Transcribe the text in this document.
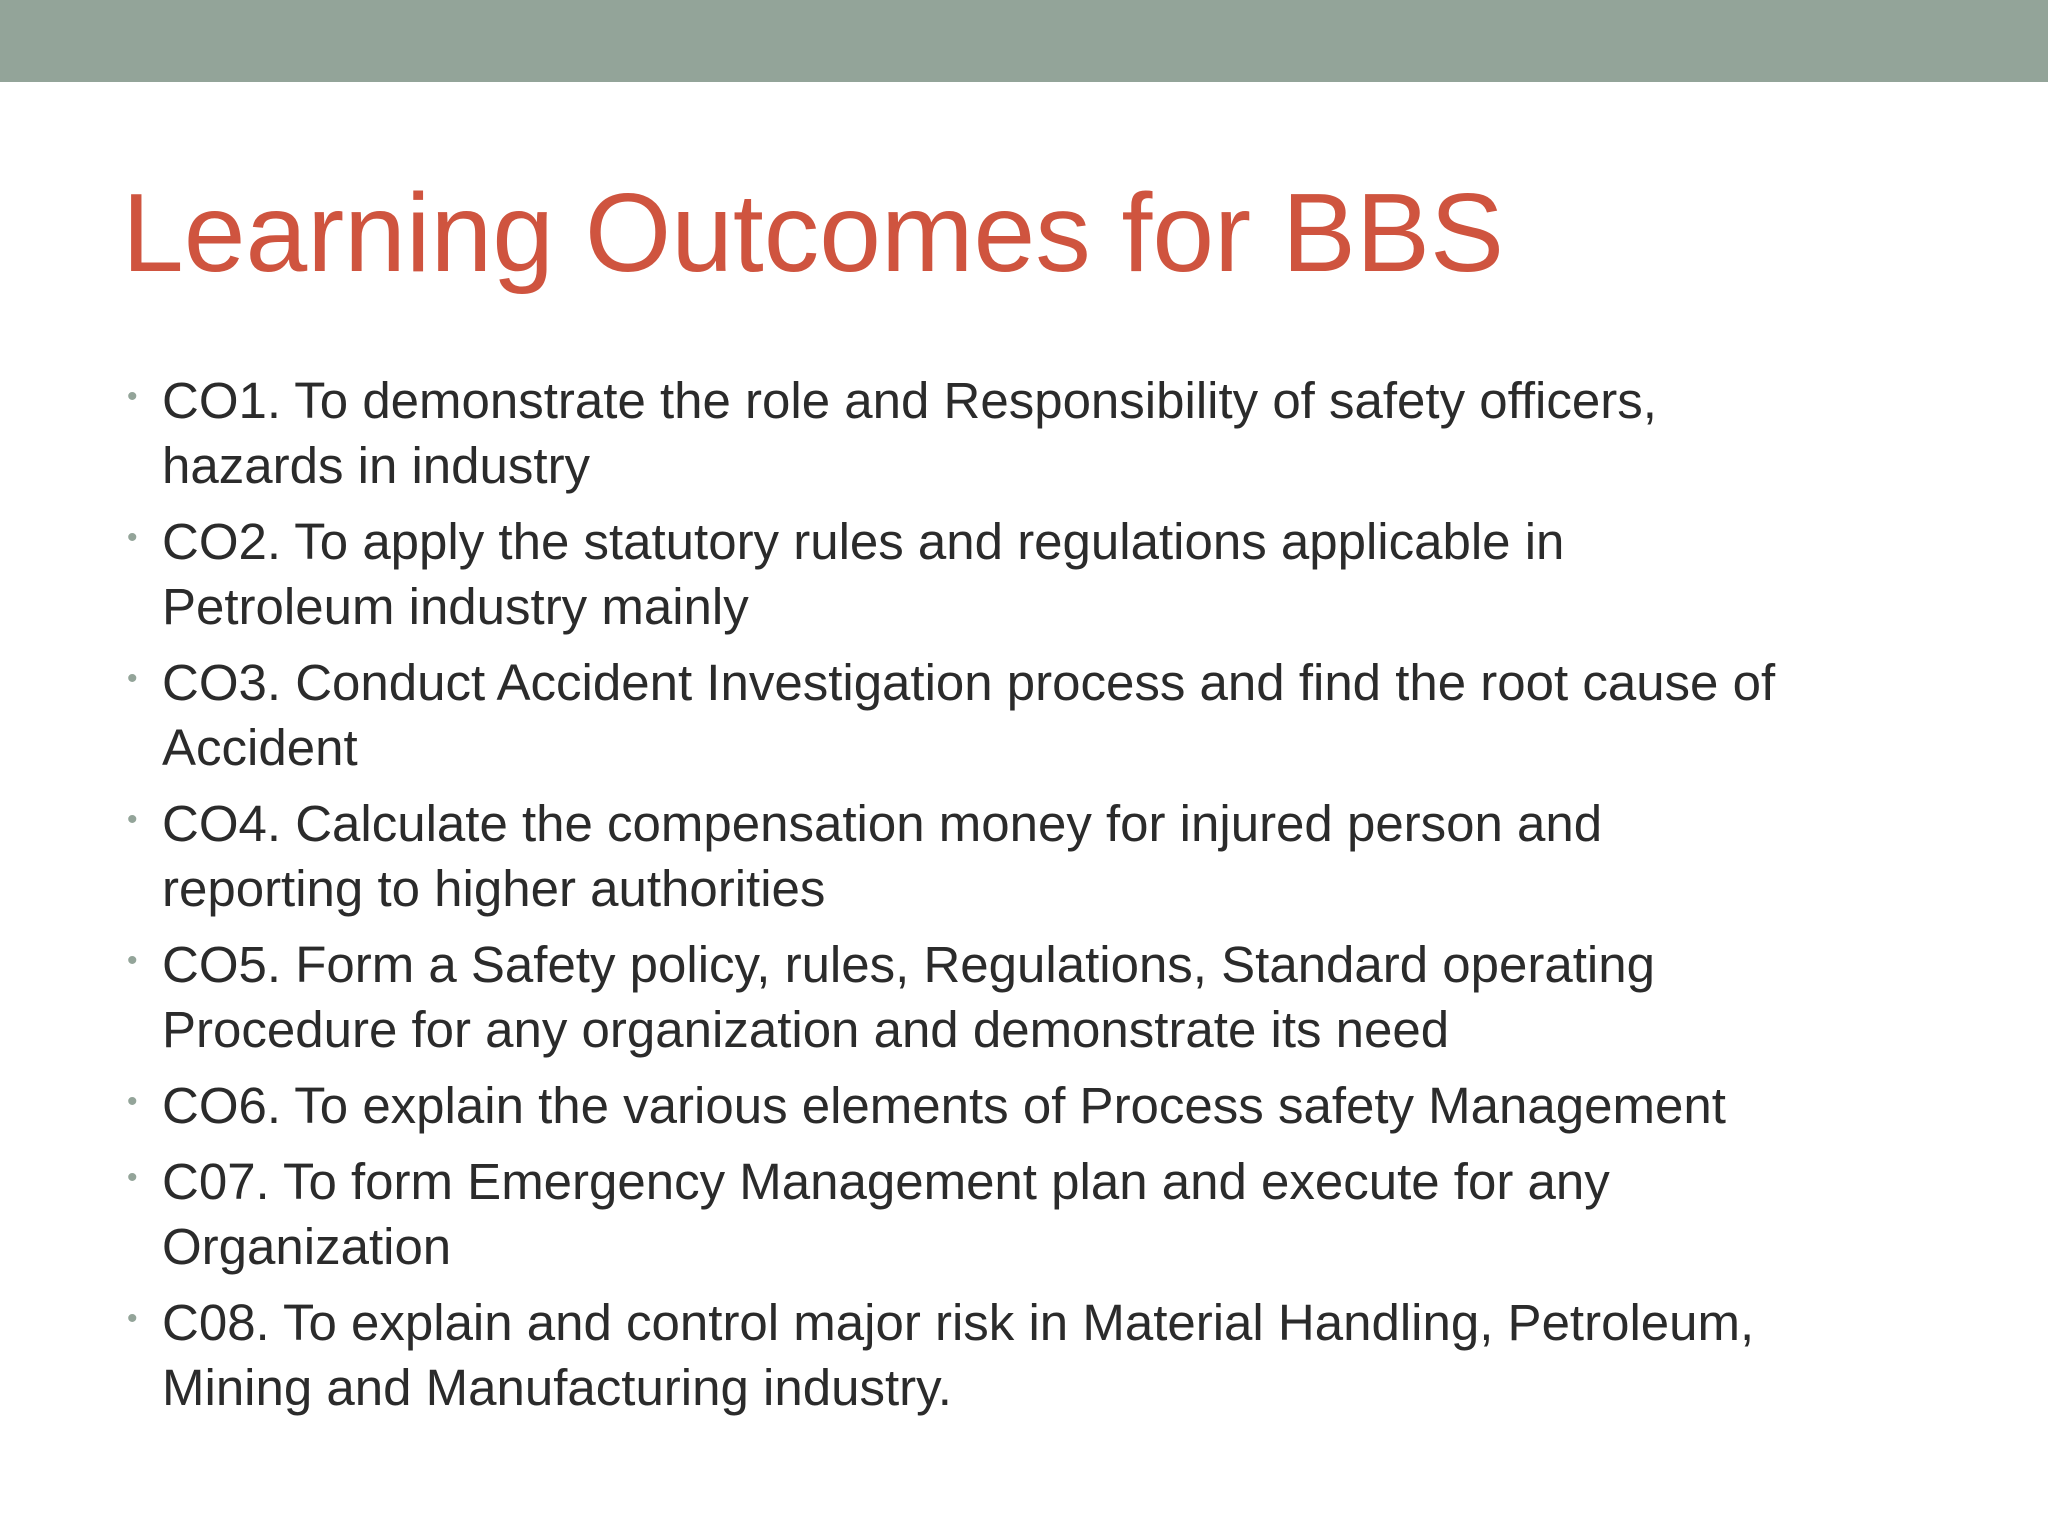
Learning Outcomes for BBS
• CO1. To demonstrate the role and Responsibility of safety officers,
hazards in industry
• CO2. To apply the statutory rules and regulations applicable in
Petroleum industry mainly
• CO3. Conduct Accident Investigation process and find the root cause of
Accident
• CO4. Calculate the compensation money for injured person and
reporting to higher authorities
• CO5. Form a Safety policy, rules, Regulations, Standard operating
Procedure for any organization and demonstrate its need
• CO6. To explain the various elements of Process safety Management
• C07. To form Emergency Management plan and execute for any
Organization
• C08. To explain and control major risk in Material Handling, Petroleum,
Mining and Manufacturing industry.
